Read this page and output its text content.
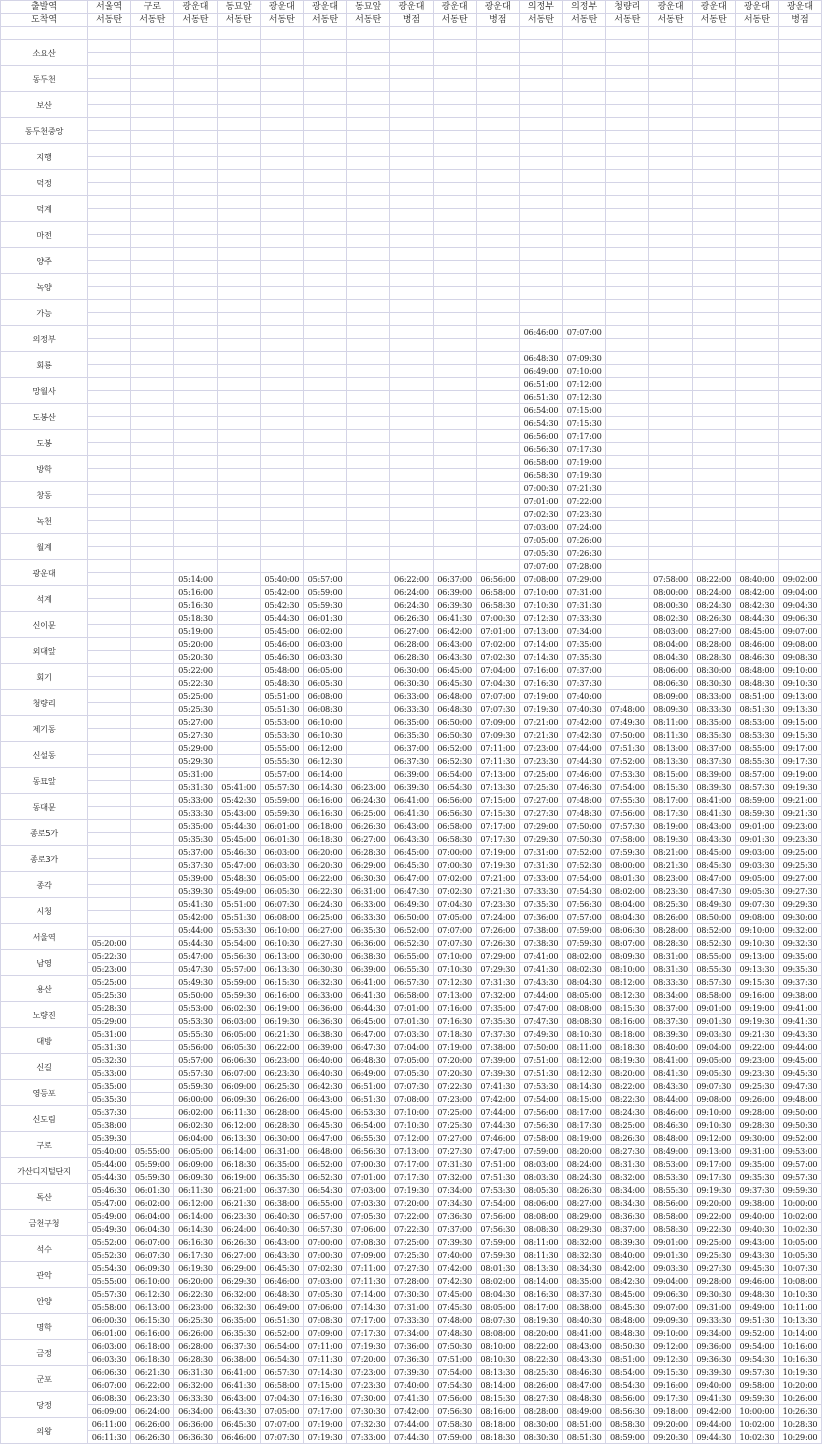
출발역	서울역	구로	광운대	동묘앞	광운대	광운대	동묘앞	광운대	광운대	광운대	의정부	의정부	청량리	광운대	광운대	광운대	광운대
도착역	서동탄	서동탄	서동탄	서동탄	서동탄	서동탄	서동탄	병점	서동탄	병점	서동탄	서동탄	서동탄	서동탄	서동탄	서동탄	병점

소요산																	

동두천																	

보산																	

동두천중앙																	

지행																	

덕정																	

덕계																	

마전																	

양주																	

녹양																	

가능																	

의정부											06:46:00	07:07:00					

회룡											06:48:30	07:09:30					
											06:49:00	07:10:00					
망월사											06:51:00	07:12:00					
											06:51:30	07:12:30					
도봉산											06:54:00	07:15:00					
											06:54:30	07:15:30					
도봉											06:56:00	07:17:00					
											06:56:30	07:17:30					
방학											06:58:00	07:19:00					
											06:58:30	07:19:30					
창동											07:00:30	07:21:30					
											07:01:00	07:22:00					
녹천											07:02:30	07:23:30					
											07:03:00	07:24:00					
월계											07:05:00	07:26:00					
											07:05:30	07:26:30					
광운대											07:07:00	07:28:00					
			05:14:00		05:40:00	05:57:00		06:22:00	06:37:00	06:56:00	07:08:00	07:29:00		07:58:00	08:22:00	08:40:00	09:02:00
석계			05:16:00		05:42:00	05:59:00		06:24:00	06:39:00	06:58:00	07:10:00	07:31:00		08:00:00	08:24:00	08:42:00	09:04:00
			05:16:30		05:42:30	05:59:30		06:24:30	06:39:30	06:58:30	07:10:30	07:31:30		08:00:30	08:24:30	08:42:30	09:04:30
신이문			05:18:30		05:44:30	06:01:30		06:26:30	06:41:30	07:00:30	07:12:30	07:33:30		08:02:30	08:26:30	08:44:30	09:06:30
			05:19:00		05:45:00	06:02:00		06:27:00	06:42:00	07:01:00	07:13:00	07:34:00		08:03:00	08:27:00	08:45:00	09:07:00
외대앞			05:20:00		05:46:00	06:03:00		06:28:00	06:43:00	07:02:00	07:14:00	07:35:00		08:04:00	08:28:00	08:46:00	09:08:00
			05:20:30		05:46:30	06:03:30		06:28:30	06:43:30	07:02:30	07:14:30	07:35:30		08:04:30	08:28:30	08:46:30	09:08:30
회기			05:22:00		05:48:00	06:05:00		06:30:00	06:45:00	07:04:00	07:16:00	07:37:00		08:06:00	08:30:00	08:48:00	09:10:00
			05:22:30		05:48:30	06:05:30		06:30:30	06:45:30	07:04:30	07:16:30	07:37:30		08:06:30	08:30:30	08:48:30	09:10:30
청량리			05:25:00		05:51:00	06:08:00		06:33:00	06:48:00	07:07:00	07:19:00	07:40:00		08:09:00	08:33:00	08:51:00	09:13:00
			05:25:30		05:51:30	06:08:30		06:33:30	06:48:30	07:07:30	07:19:30	07:40:30	07:48:00	08:09:30	08:33:30	08:51:30	09:13:30
제기동			05:27:00		05:53:00	06:10:00		06:35:00	06:50:00	07:09:00	07:21:00	07:42:00	07:49:30	08:11:00	08:35:00	08:53:00	09:15:00
			05:27:30		05:53:30	06:10:30		06:35:30	06:50:30	07:09:30	07:21:30	07:42:30	07:50:00	08:11:30	08:35:30	08:53:30	09:15:30
신설동			05:29:00		05:55:00	06:12:00		06:37:00	06:52:00	07:11:00	07:23:00	07:44:00	07:51:30	08:13:00	08:37:00	08:55:00	09:17:00
			05:29:30		05:55:30	06:12:30		06:37:30	06:52:30	07:11:30	07:23:30	07:44:30	07:52:00	08:13:30	08:37:30	08:55:30	09:17:30
동묘앞			05:31:00		05:57:00	06:14:00		06:39:00	06:54:00	07:13:00	07:25:00	07:46:00	07:53:30	08:15:00	08:39:00	08:57:00	09:19:00
			05:31:30	05:41:00	05:57:30	06:14:30	06:23:00	06:39:30	06:54:30	07:13:30	07:25:30	07:46:30	07:54:00	08:15:30	08:39:30	08:57:30	09:19:30
동대문			05:33:00	05:42:30	05:59:00	06:16:00	06:24:30	06:41:00	06:56:00	07:15:00	07:27:00	07:48:00	07:55:30	08:17:00	08:41:00	08:59:00	09:21:00
			05:33:30	05:43:00	05:59:30	06:16:30	06:25:00	06:41:30	06:56:30	07:15:30	07:27:30	07:48:30	07:56:00	08:17:30	08:41:30	08:59:30	09:21:30
종로5가			05:35:00	05:44:30	06:01:00	06:18:00	06:26:30	06:43:00	06:58:00	07:17:00	07:29:00	07:50:00	07:57:30	08:19:00	08:43:00	09:01:00	09:23:00
			05:35:30	05:45:00	06:01:30	06:18:30	06:27:00	06:43:30	06:58:30	07:17:30	07:29:30	07:50:30	07:58:00	08:19:30	08:43:30	09:01:30	09:23:30
종로3가			05:37:00	05:46:30	06:03:00	06:20:00	06:28:30	06:45:00	07:00:00	07:19:00	07:31:00	07:52:00	07:59:30	08:21:00	08:45:00	09:03:00	09:25:00
			05:37:30	05:47:00	06:03:30	06:20:30	06:29:00	06:45:30	07:00:30	07:19:30	07:31:30	07:52:30	08:00:00	08:21:30	08:45:30	09:03:30	09:25:30
종각			05:39:00	05:48:30	06:05:00	06:22:00	06:30:30	06:47:00	07:02:00	07:21:00	07:33:00	07:54:00	08:01:30	08:23:00	08:47:00	09:05:00	09:27:00
			05:39:30	05:49:00	06:05:30	06:22:30	06:31:00	06:47:30	07:02:30	07:21:30	07:33:30	07:54:30	08:02:00	08:23:30	08:47:30	09:05:30	09:27:30
시청			05:41:30	05:51:00	06:07:30	06:24:30	06:33:00	06:49:30	07:04:30	07:23:30	07:35:30	07:56:30	08:04:00	08:25:30	08:49:30	09:07:30	09:29:30
			05:42:00	05:51:30	06:08:00	06:25:00	06:33:30	06:50:00	07:05:00	07:24:00	07:36:00	07:57:00	08:04:30	08:26:00	08:50:00	09:08:00	09:30:00
서울역			05:44:00	05:53:30	06:10:00	06:27:00	06:35:30	06:52:00	07:07:00	07:26:00	07:38:00	07:59:00	08:06:30	08:28:00	08:52:00	09:10:00	09:32:00
	05:20:00		05:44:30	05:54:00	06:10:30	06:27:30	06:36:00	06:52:30	07:07:30	07:26:30	07:38:30	07:59:30	08:07:00	08:28:30	08:52:30	09:10:30	09:32:30
남영	05:22:30		05:47:00	05:56:30	06:13:00	06:30:00	06:38:30	06:55:00	07:10:00	07:29:00	07:41:00	08:02:00	08:09:30	08:31:00	08:55:00	09:13:00	09:35:00
	05:23:00		05:47:30	05:57:00	06:13:30	06:30:30	06:39:00	06:55:30	07:10:30	07:29:30	07:41:30	08:02:30	08:10:00	08:31:30	08:55:30	09:13:30	09:35:30
용산	05:25:00		05:49:30	05:59:00	06:15:30	06:32:30	06:41:00	06:57:30	07:12:30	07:31:30	07:43:30	08:04:30	08:12:00	08:33:30	08:57:30	09:15:30	09:37:30
	05:25:30		05:50:00	05:59:30	06:16:00	06:33:00	06:41:30	06:58:00	07:13:00	07:32:00	07:44:00	08:05:00	08:12:30	08:34:00	08:58:00	09:16:00	09:38:00
노량진	05:28:30		05:53:00	06:02:30	06:19:00	06:36:00	06:44:30	07:01:00	07:16:00	07:35:00	07:47:00	08:08:00	08:15:30	08:37:00	09:01:00	09:19:00	09:41:00
	05:29:00		05:53:30	06:03:00	06:19:30	06:36:30	06:45:00	07:01:30	07:16:30	07:35:30	07:47:30	08:08:30	08:16:00	08:37:30	09:01:30	09:19:30	09:41:30
대방	05:31:00		05:55:30	06:05:00	06:21:30	06:38:30	06:47:00	07:03:30	07:18:30	07:37:30	07:49:30	08:10:30	08:18:00	08:39:30	09:03:30	09:21:30	09:43:30
	05:31:30		05:56:00	06:05:30	06:22:00	06:39:00	06:47:30	07:04:00	07:19:00	07:38:00	07:50:00	08:11:00	08:18:30	08:40:00	09:04:00	09:22:00	09:44:00
신길	05:32:30		05:57:00	06:06:30	06:23:00	06:40:00	06:48:30	07:05:00	07:20:00	07:39:00	07:51:00	08:12:00	08:19:30	08:41:00	09:05:00	09:23:00	09:45:00
	05:33:00		05:57:30	06:07:00	06:23:30	06:40:30	06:49:00	07:05:30	07:20:30	07:39:30	07:51:30	08:12:30	08:20:00	08:41:30	09:05:30	09:23:30	09:45:30
영등포	05:35:00		05:59:30	06:09:00	06:25:30	06:42:30	06:51:00	07:07:30	07:22:30	07:41:30	07:53:30	08:14:30	08:22:00	08:43:30	09:07:30	09:25:30	09:47:30
	05:35:30		06:00:00	06:09:30	06:26:00	06:43:00	06:51:30	07:08:00	07:23:00	07:42:00	07:54:00	08:15:00	08:22:30	08:44:00	09:08:00	09:26:00	09:48:00
신도림	05:37:30		06:02:00	06:11:30	06:28:00	06:45:00	06:53:30	07:10:00	07:25:00	07:44:00	07:56:00	08:17:00	08:24:30	08:46:00	09:10:00	09:28:00	09:50:00
	05:38:00		06:02:30	06:12:00	06:28:30	06:45:30	06:54:00	07:10:30	07:25:30	07:44:30	07:56:30	08:17:30	08:25:00	08:46:30	09:10:30	09:28:30	09:50:30
구로	05:39:30		06:04:00	06:13:30	06:30:00	06:47:00	06:55:30	07:12:00	07:27:00	07:46:00	07:58:00	08:19:00	08:26:30	08:48:00	09:12:00	09:30:00	09:52:00
	05:40:00	05:55:00	06:05:00	06:14:00	06:31:00	06:48:00	06:56:30	07:13:00	07:27:30	07:47:00	07:59:00	08:20:00	08:27:30	08:49:00	09:13:00	09:31:00	09:53:00
가산디지털단지	05:44:00	05:59:00	06:09:00	06:18:30	06:35:00	06:52:00	07:00:30	07:17:00	07:31:30	07:51:00	08:03:00	08:24:00	08:31:30	08:53:00	09:17:00	09:35:00	09:57:00
	05:44:30	05:59:30	06:09:30	06:19:00	06:35:30	06:52:30	07:01:00	07:17:30	07:32:00	07:51:30	08:03:30	08:24:30	08:32:00	08:53:30	09:17:30	09:35:30	09:57:30
독산	05:46:30	06:01:30	06:11:30	06:21:00	06:37:30	06:54:30	07:03:00	07:19:30	07:34:00	07:53:30	08:05:30	08:26:30	08:34:00	08:55:30	09:19:30	09:37:30	09:59:30
	05:47:00	06:02:00	06:12:00	06:21:30	06:38:00	06:55:00	07:03:30	07:20:00	07:34:30	07:54:00	08:06:00	08:27:00	08:34:30	08:56:00	09:20:00	09:38:00	10:00:00
금천구청	05:49:00	06:04:00	06:14:00	06:23:30	06:40:30	06:57:00	07:05:30	07:22:00	07:36:30	07:56:00	08:08:00	08:29:00	08:36:30	08:58:00	09:22:00	09:40:00	10:02:00
	05:49:30	06:04:30	06:14:30	06:24:00	06:40:30	06:57:30	07:06:00	07:22:30	07:37:00	07:56:30	08:08:30	08:29:30	08:37:00	08:58:30	09:22:30	09:40:30	10:02:30
석수	05:52:00	06:07:00	06:16:30	06:26:30	06:43:00	07:00:00	07:08:30	07:25:00	07:39:30	07:59:00	08:11:00	08:32:00	08:39:30	09:01:00	09:25:00	09:43:00	10:05:00
	05:52:30	06:07:30	06:17:30	06:27:00	06:43:30	07:00:30	07:09:00	07:25:30	07:40:00	07:59:30	08:11:30	08:32:30	08:40:00	09:01:30	09:25:30	09:43:30	10:05:30
관악	05:54:30	06:09:30	06:19:30	06:29:00	06:45:30	07:02:30	07:11:00	07:27:30	07:42:00	08:01:30	08:13:30	08:34:30	08:42:00	09:03:30	09:27:30	09:45:30	10:07:30
	05:55:00	06:10:00	06:20:00	06:29:30	06:46:00	07:03:00	07:11:30	07:28:00	07:42:30	08:02:00	08:14:00	08:35:00	08:42:30	09:04:00	09:28:00	09:46:00	10:08:00
안양	05:57:30	06:12:30	06:22:30	06:32:00	06:48:30	07:05:30	07:14:00	07:30:30	07:45:00	08:04:30	08:16:30	08:37:30	08:45:00	09:06:30	09:30:30	09:48:30	10:10:30
	05:58:00	06:13:00	06:23:00	06:32:30	06:49:00	07:06:00	07:14:30	07:31:00	07:45:30	08:05:00	08:17:00	08:38:00	08:45:30	09:07:00	09:31:00	09:49:00	10:11:00
명학	06:00:30	06:15:30	06:25:30	06:35:00	06:51:30	07:08:30	07:17:00	07:33:30	07:48:00	08:07:30	08:19:30	08:40:30	08:48:00	09:09:30	09:33:30	09:51:30	10:13:30
	06:01:00	06:16:00	06:26:00	06:35:30	06:52:00	07:09:00	07:17:30	07:34:00	07:48:30	08:08:00	08:20:00	08:41:00	08:48:30	09:10:00	09:34:00	09:52:00	10:14:00
금정	06:03:00	06:18:00	06:28:00	06:37:30	06:54:00	07:11:00	07:19:30	07:36:00	07:50:30	08:10:00	08:22:00	08:43:00	08:50:30	09:12:00	09:36:00	09:54:00	10:16:00
	06:03:30	06:18:30	06:28:30	06:38:00	06:54:30	07:11:30	07:20:00	07:36:30	07:51:00	08:10:30	08:22:30	08:43:30	08:51:00	09:12:30	09:36:30	09:54:30	10:16:30
군포	06:06:30	06:21:30	06:31:30	06:41:00	06:57:30	07:14:30	07:23:00	07:39:30	07:54:00	08:13:30	08:25:30	08:46:30	08:54:00	09:15:30	09:39:30	09:57:30	10:19:30
	06:07:00	06:22:00	06:32:00	06:41:30	06:58:00	07:15:00	07:23:30	07:40:00	07:54:30	08:14:00	08:26:00	08:47:00	08:54:30	09:16:00	09:40:00	09:58:00	10:20:00
당정	06:08:30	06:23:30	06:33:30	06:43:00	07:04:30	07:16:30	07:30:00	07:41:30	07:56:00	08:15:30	08:27:30	08:48:30	08:56:00	09:17:30	09:41:30	09:59:30	10:26:00
	06:09:00	06:24:00	06:34:00	06:43:30	07:05:00	07:17:00	07:30:30	07:42:00	07:56:30	08:16:00	08:28:00	08:49:00	08:56:30	09:18:00	09:42:00	10:00:00	10:26:30
의왕	06:11:00	06:26:00	06:36:00	06:45:30	07:07:00	07:19:00	07:32:30	07:44:00	07:58:30	08:18:00	08:30:00	08:51:00	08:58:30	09:20:00	09:44:00	10:02:00	10:28:30
	06:11:30	06:26:30	06:36:30	06:46:00	07:07:30	07:19:30	07:33:00	07:44:30	07:59:00	08:18:30	08:30:30	08:51:30	08:59:00	09:20:30	09:44:30	10:02:30	10:29:00
